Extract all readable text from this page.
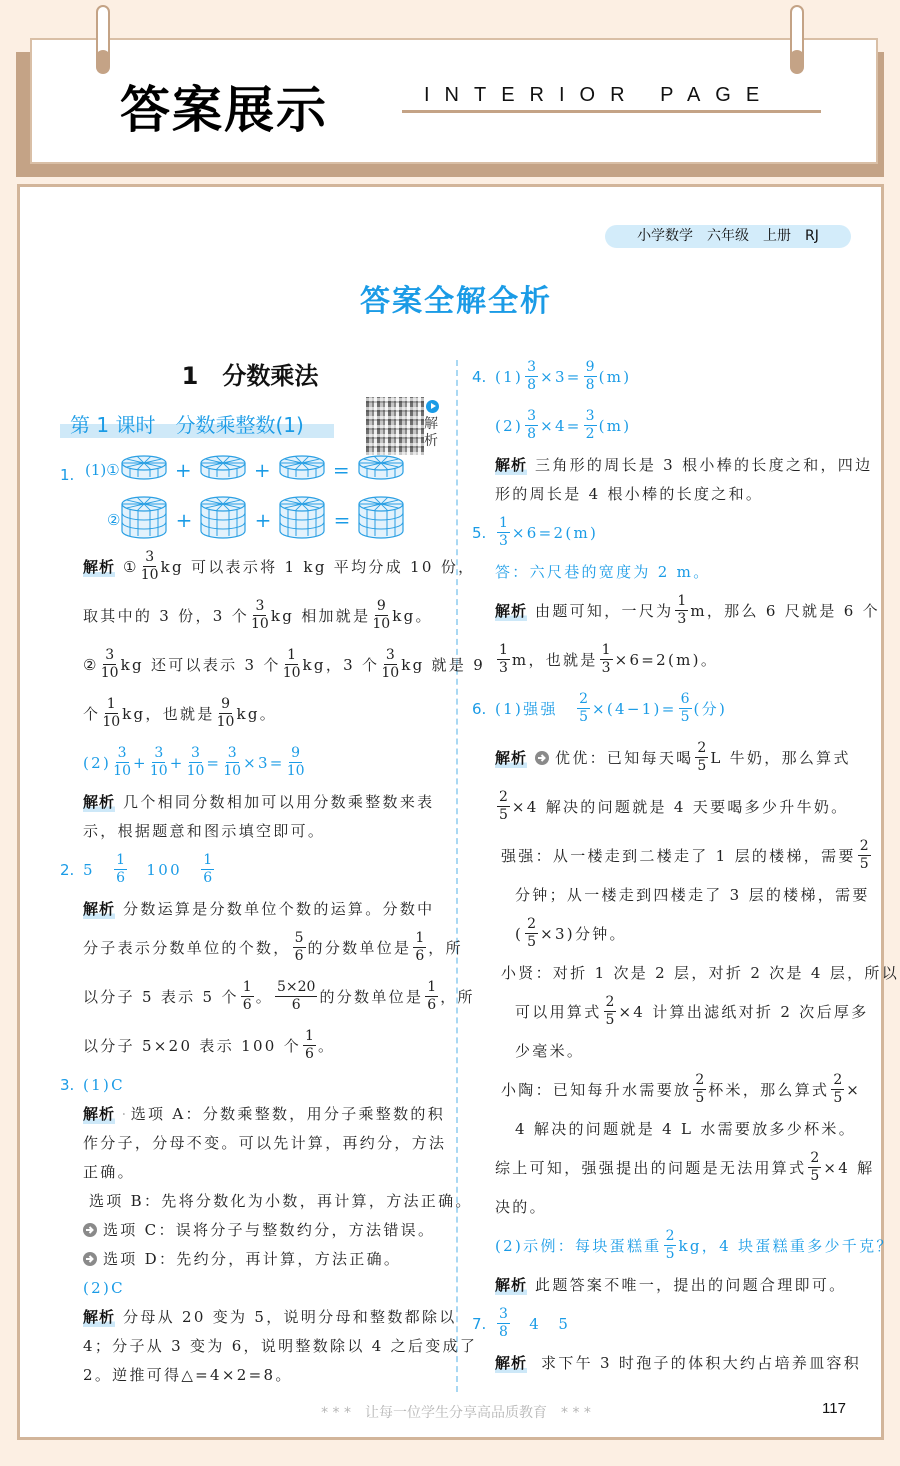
答案展示	INTERIOR PAGE
小学数学　六年级　上册　RJ
答案全解全析
1　分数乘法
第 1 课时　分数乘整数(1)	解析
1. (1)①	+	+	=
②	+	+	=
解析 ① $\frac{3}{10}$ kg 可以表示将 1 kg 平均分成 10 份，
取其中的 3 份，3 个 $\frac{3}{10}$ kg 相加就是 $\frac{9}{10}$ kg。
② $\frac{3}{10}$ kg 还可以表示 3 个 $\frac{1}{10}$ kg，3 个 $\frac{3}{10}$ kg 就是 9
个 $\frac{1}{10}$ kg，也就是 $\frac{9}{10}$ kg。
$(2) \frac{3}{10} + \frac{3}{10} + \frac{3}{10} = \frac{3}{10} \times 3= \frac{9}{10}$
解析 几个相同分数相加可以用分数乘整数来表
示，根据题意和图示填空即可。
2. 5　 $\frac{1}{6}$ 　100　 $\frac{1}{6}$
解析 分数运算是分数单位个数的运算。分数中
分子表示分数单位的个数， $\frac{5}{6}$ 的分数单位是 $\frac{1}{6}$ ，所
以分子 5 表示 5 个 $\frac{1}{6}$ 。 $\frac{5\times 20}{6}$ 的分数单位是 $\frac{1}{6}$ ，所
以分子 5×20 表示 100 个 $\frac{1}{6}$ 。
3. (1)C
解析 选项 A：分数乘整数，用分子乘整数的积
作分子，分母不变。可以先计算，再约分，方法
正确。
选项 B：先将分数化为小数，再计算，方法正确。
选项 C：误将分子与整数约分，方法错误。
选项 D：先约分，再计算，方法正确。
(2)C
解析 分母从 20 变为 5，说明分母和整数都除以
4；分子从 3 变为 6，说明整数除以 4 之后变成了
2。逆推可得△=4×2=8。
4. $(1) \frac{3}{8} \times 3= \frac{9}{8} (m)$
$(2) \frac{3}{8} \times 4= \frac{3}{2} (m)$
解析 三角形的周长是 3 根小棒的长度之和，四边
形的周长是 4 根小棒的长度之和。
5. $\frac{1}{3} \times 6=2(m)$
答：六尺巷的宽度为 2 m。
解析 由题可知，一尺为 $\frac{1}{3}$ m，那么 6 尺就是 6 个
$\frac{1}{3}$ m，也就是 $\frac{1}{3} \times 6=2(m)$。
6. (1)强强　 $\frac{2}{5} \times(4-1)= \frac{6}{5}$ (分)
解析 优优：已知每天喝 $\frac{2}{5}$ L 牛奶，那么算式
$\frac{2}{5} \times 4$ 解决的问题就是 4 天要喝多少升牛奶。
强强：从一楼走到二楼走了 1 层的楼梯，需要 $\frac{2}{5}$
分钟；从一楼走到四楼走了 3 层的楼梯，需要
( $\frac{2}{5} \times 3$)分钟。
小贤：对折 1 次是 2 层，对折 2 次是 4 层，所以
可以用算式 $\frac{2}{5} \times 4$ 计算出滤纸对折 2 次后厚多
少毫米。
小陶：已知每升水需要放 $\frac{2}{5}$ 杯米，那么算式 $\frac{2}{5}$ ×
4 解决的问题就是 4 L 水需要放多少杯米。
综上可知，强强提出的问题是无法用算式 $\frac{2}{5} \times 4$ 解
决的。
(2)示例：每块蛋糕重 $\frac{2}{5}$ kg，4 块蛋糕重多少千克？
解析 此题答案不唯一，提出的问题合理即可。
7. $\frac{3}{8}$ 　4　5
解析 求下午 3 时孢子的体积大约占培养皿容积
* * *　让每一位学生分享高品质教育　* * *	117
